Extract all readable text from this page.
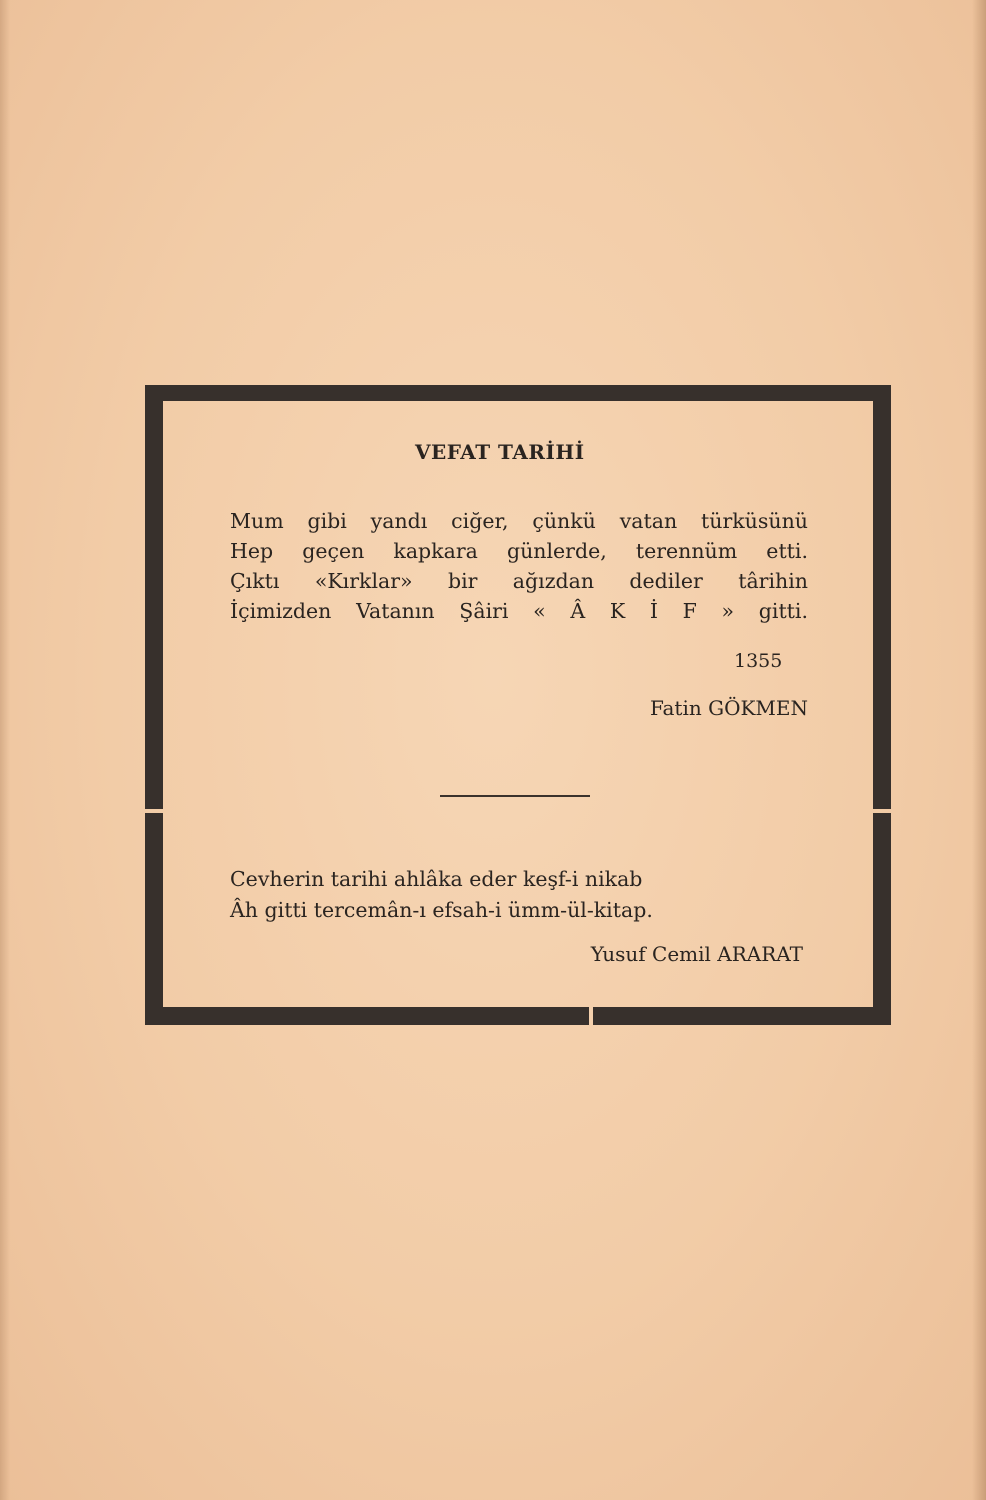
VEFAT TARİHİ
Mum gibi yandı ciğer, çünkü vatan türküsünü
Hep geçen kapkara günlerde, terennüm etti.
Çıktı «Kırklar» bir ağızdan dediler târihin
İçimizden Vatanın Şâiri « Â K İ F » gitti.
1355
Fatin GÖKMEN
Cevherin tarihi ahlâka eder keşf-i nikab
Âh gitti tercemân-ı efsah-i ümm-ül-kitap.
Yusuf Cemil ARARAT
